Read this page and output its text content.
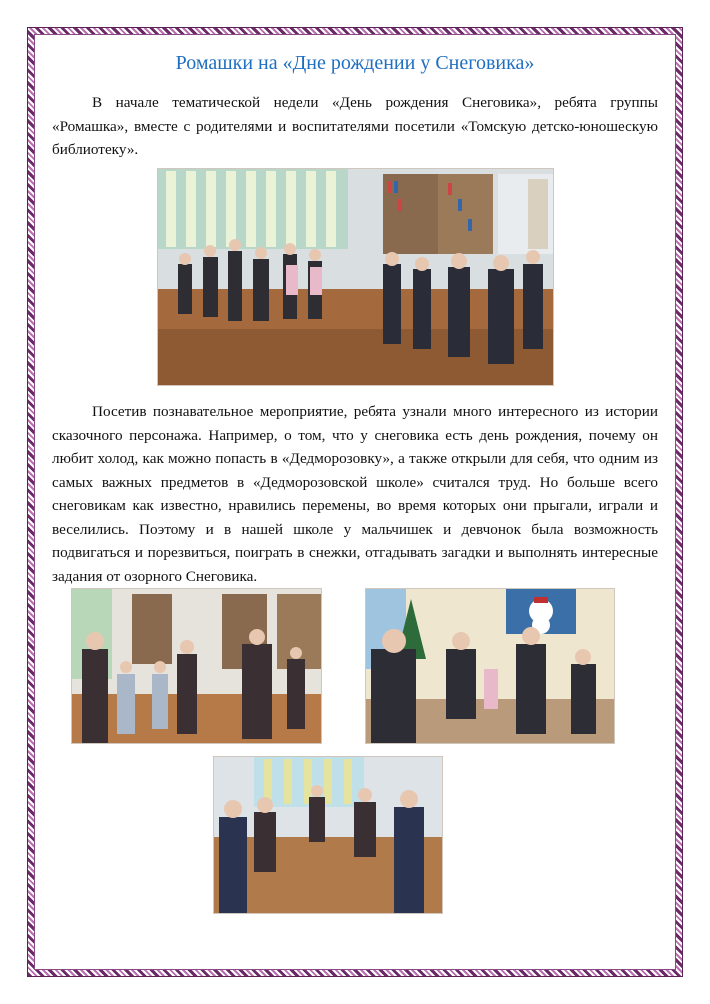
Ромашки на «Дне рождении у Снеговика»

В начале тематической недели «День рождения Снеговика», ребята группы «Ромашка», вместе с родителями и воспитателями посетили «Томскую детско-юношескую библиотеку».

Посетив познавательное мероприятие, ребята узнали много интересного из истории сказочного персонажа. Например, о том, что у снеговика есть день рождения, почему он любит холод, как можно попасть в «Дедморозовку», а также открыли для себя, что одним из самых важных предметов в «Дедморозовской школе» считался труд. Но больше всего снеговикам как известно, нравились перемены, во время которых они прыгали, играли и веселились. Поэтому и в нашей школе у мальчишек и девчонок была возможность подвигаться и порезвиться, поиграть в снежки, отгадывать загадки и выполнять интересные задания от озорного Снеговика.
